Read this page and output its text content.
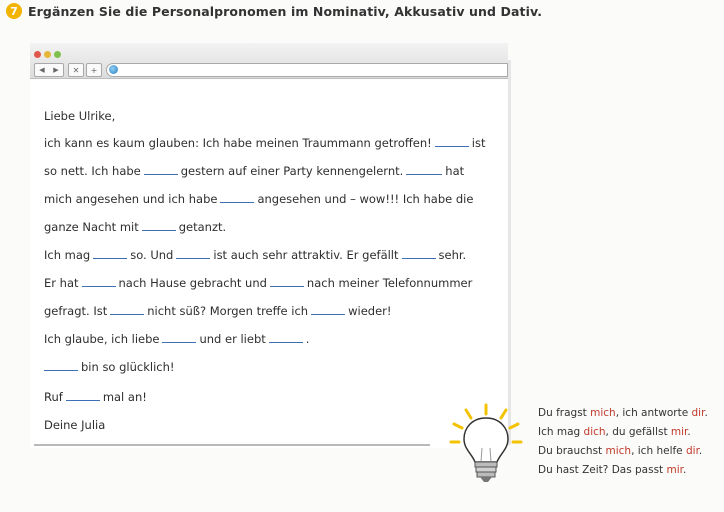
7 Ergänzen Sie die Personalpronomen im Nominativ, Akkusativ und Dativ.
◀ ▶ ✕ +
Liebe Ulrike,
ich kann es kaum glauben: Ich habe meinen Traummann getroffen!	ist
so nett. Ich habe	gestern auf einer Party kennengelernt.	hat
mich angesehen und ich habe	angesehen und – wow!!! Ich habe die
ganze Nacht mit	getanzt.
Ich mag	so. Und	ist auch sehr attraktiv. Er gefällt	sehr.
Er hat	nach Hause gebracht und	nach meiner Telefonnummer
gefragt. Ist	nicht süß? Morgen treffe ich	wieder!
Ich glaube, ich liebe	und er liebt	.
bin so glücklich!
Ruf	mal an!
Deine Julia
Du fragst mich, ich antworte dir.
Ich mag dich, du gefällst mir.
Du brauchst mich, ich helfe dir.
Du hast Zeit? Das passt mir.
